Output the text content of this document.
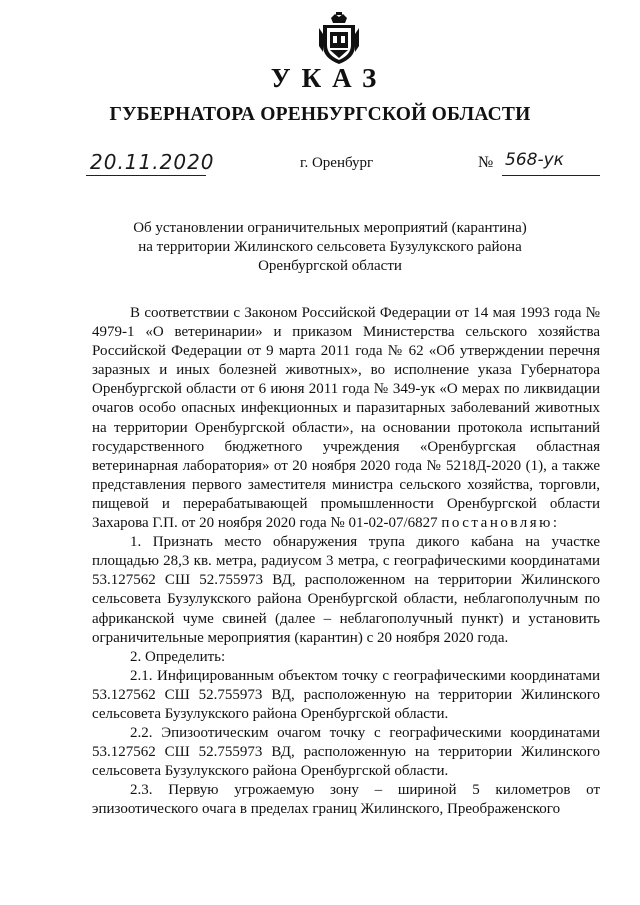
УКАЗ
ГУБЕРНАТОРА ОРЕНБУРГСКОЙ ОБЛАСТИ
20.11.2020	г. Оренбург	№ 568-ук
Об установлении ограничительных мероприятий (карантина)
на территории Жилинского сельсовета Бузулукского района
Оренбургской области

В соответствии с Законом Российской Федерации от 14 мая 1993 года № 4979-1 «О ветеринарии» и приказом Министерства сельского хозяйства Российской Федерации от 9 марта 2011 года № 62 «Об утверждении перечня заразных и иных болезней животных», во исполнение указа Губернатора Оренбургской области от 6 июня 2011 года № 349-ук «О мерах по ликвидации очагов особо опасных инфекционных и паразитарных заболеваний животных на территории Оренбургской области», на основании протокола испытаний государственного бюджетного учреждения «Оренбургская областная ветеринарная лаборатория» от 20 ноября 2020 года № 5218Д-2020 (1), а также представления первого заместителя министра сельского хозяйства, торговли, пищевой и перерабатывающей промышленности Оренбургской области Захарова Г.П. от 20 ноября 2020 года № 01-02-07/6827 постановляю:

1. Признать место обнаружения трупа дикого кабана на участке площадью 28,3 кв. метра, радиусом 3 метра, с географическими координатами 53.127562 СШ 52.755973 ВД, расположенном на территории Жилинского сельсовета Бузулукского района Оренбургской области, неблагополучным по африканской чуме свиней (далее – неблагополучный пункт) и установить ограничительные мероприятия (карантин) с 20 ноября 2020 года.

2. Определить:

2.1. Инфицированным объектом точку с географическими координатами 53.127562 СШ 52.755973 ВД, расположенную на территории Жилинского сельсовета Бузулукского района Оренбургской области.

2.2. Эпизоотическим очагом точку с географическими координатами 53.127562 СШ 52.755973 ВД, расположенную на территории Жилинского сельсовета Бузулукского района Оренбургской области.

2.3. Первую угрожаемую зону – шириной 5 километров от эпизоотического очага в пределах границ Жилинского, Преображенского
